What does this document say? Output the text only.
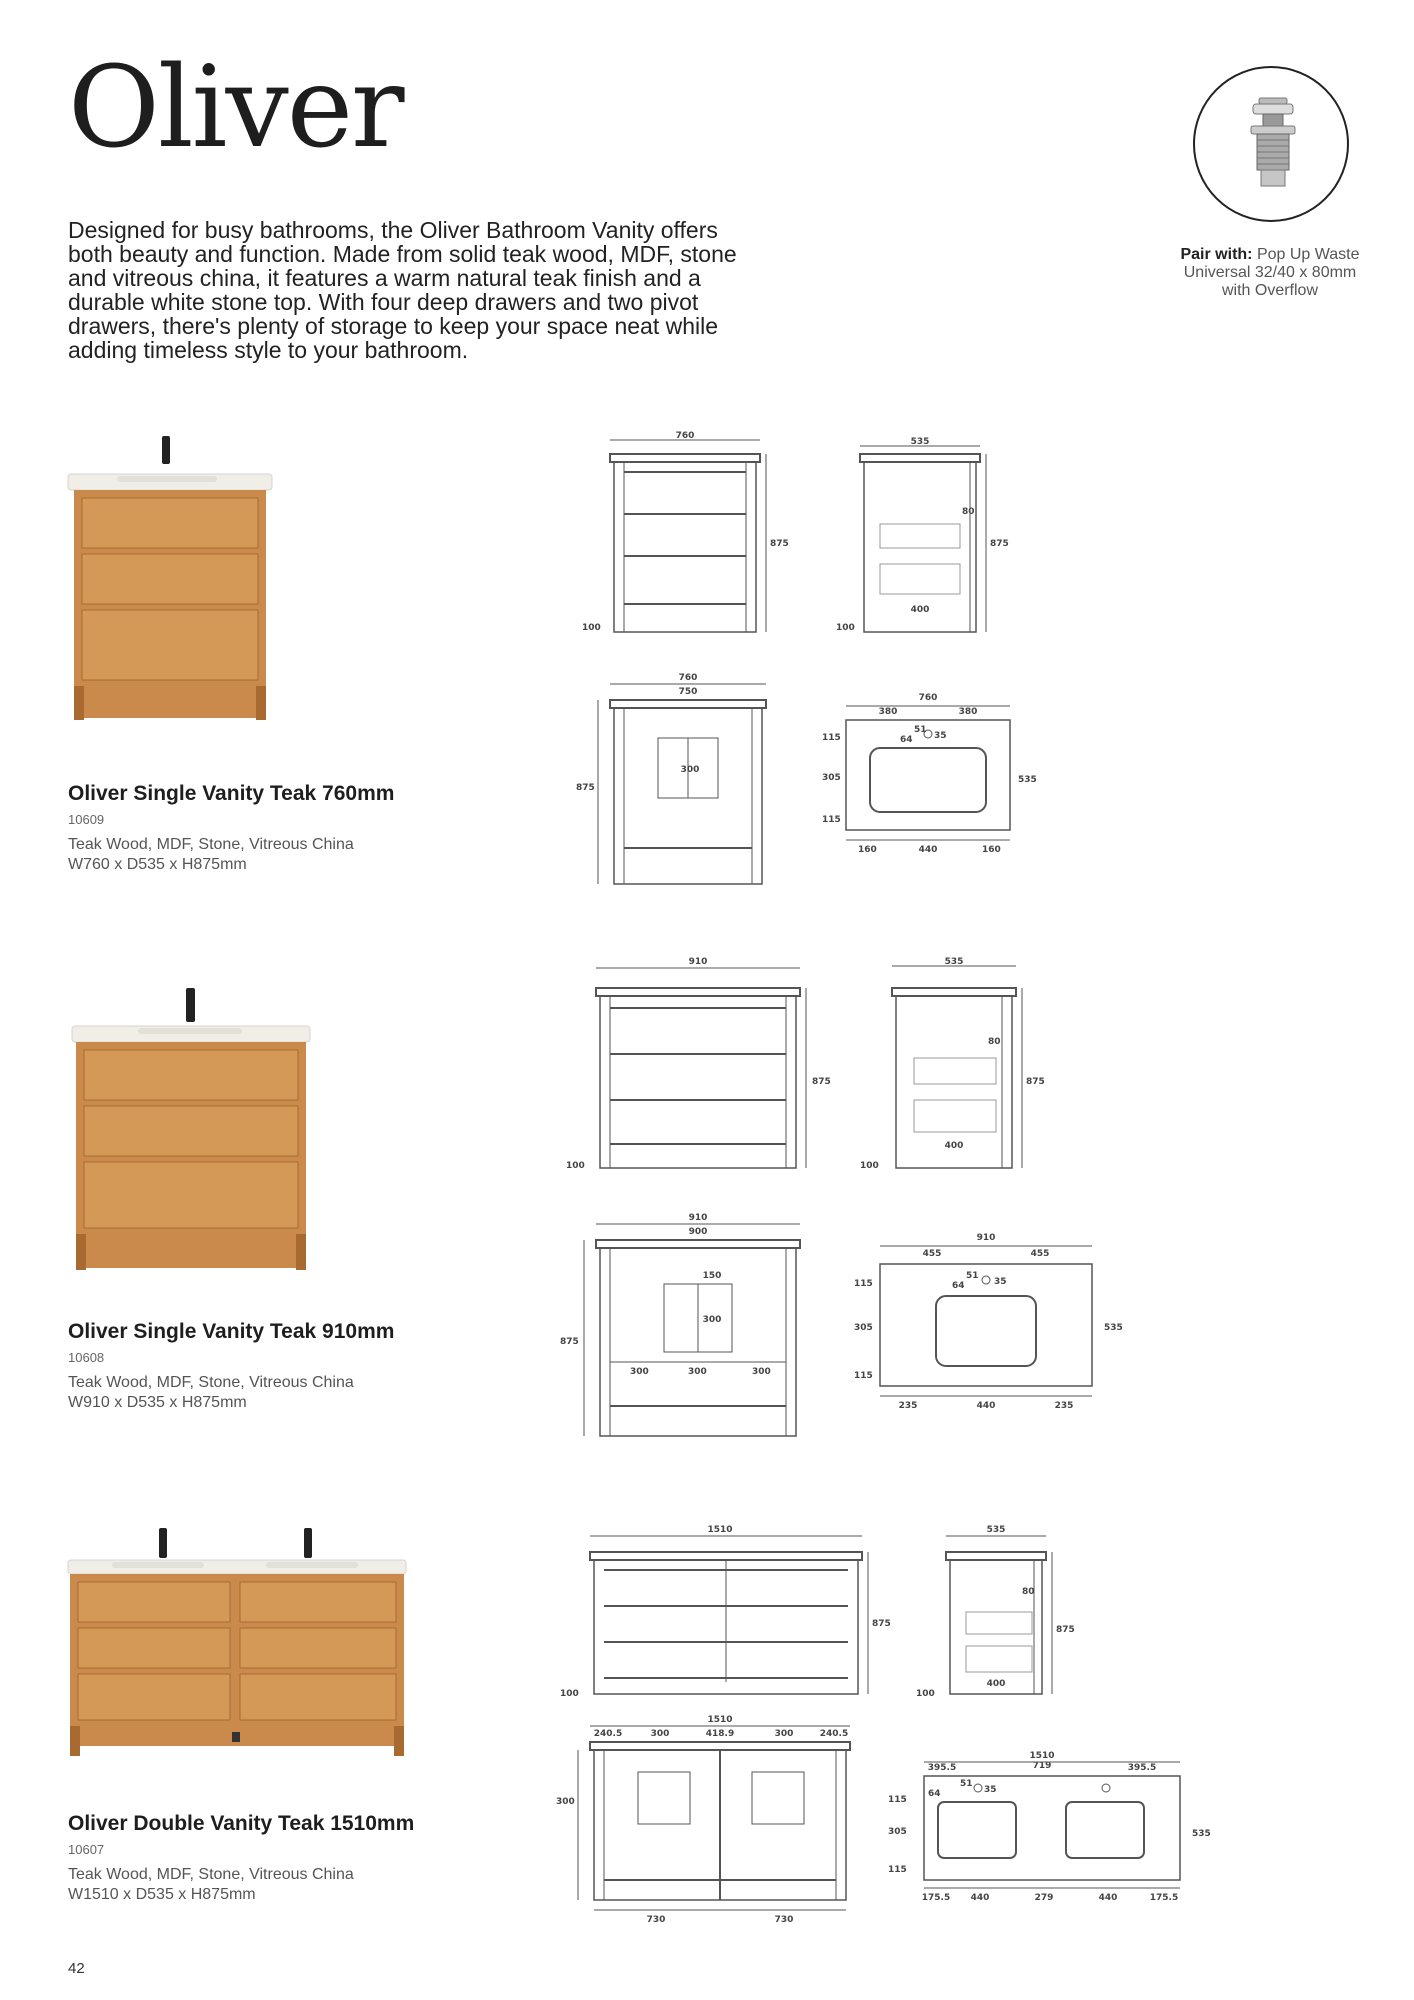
Oliver

Designed for busy bathrooms, the Oliver Bathroom Vanity offers both beauty and function. Made from solid teak wood, MDF, stone and vitreous china, it features a warm natural teak finish and a durable white stone top. With four deep drawers and two pivot drawers, there's plenty of storage to keep your space neat while adding timeless style to your bathroom.

Pair with: Pop Up Waste
Universal 32/40 x 80mm
with Overflow
Oliver Single Vanity Teak 760mm
10609
Teak Wood, MDF, Stone, Vitreous China
W760 x D535 x H875mm
760
875
100
535
80
875
400
100
760
750
300
875
760
380	380
51
64 35
115
305
115
535
160	440	160
Oliver Single Vanity Teak 910mm
10608
Teak Wood, MDF, Stone, Vitreous China
W910 x D535 x H875mm
910
875
100
535
80
875
400
100
910
900
150
300
300	300	300
875
910
455	455
51
64	35
115
305
115
535
235	440	235
Oliver Double Vanity Teak 1510mm
10607
Teak Wood, MDF, Stone, Vitreous China
W1510 x D535 x H875mm
1510
875
100
535
80
875
400
100
1510
240.5	300	418.9	300	240.5
300
730	730
1510
719
395.5	395.5
51
64	35
115
305
115
535
175.5 440	279	440	175.5
42
